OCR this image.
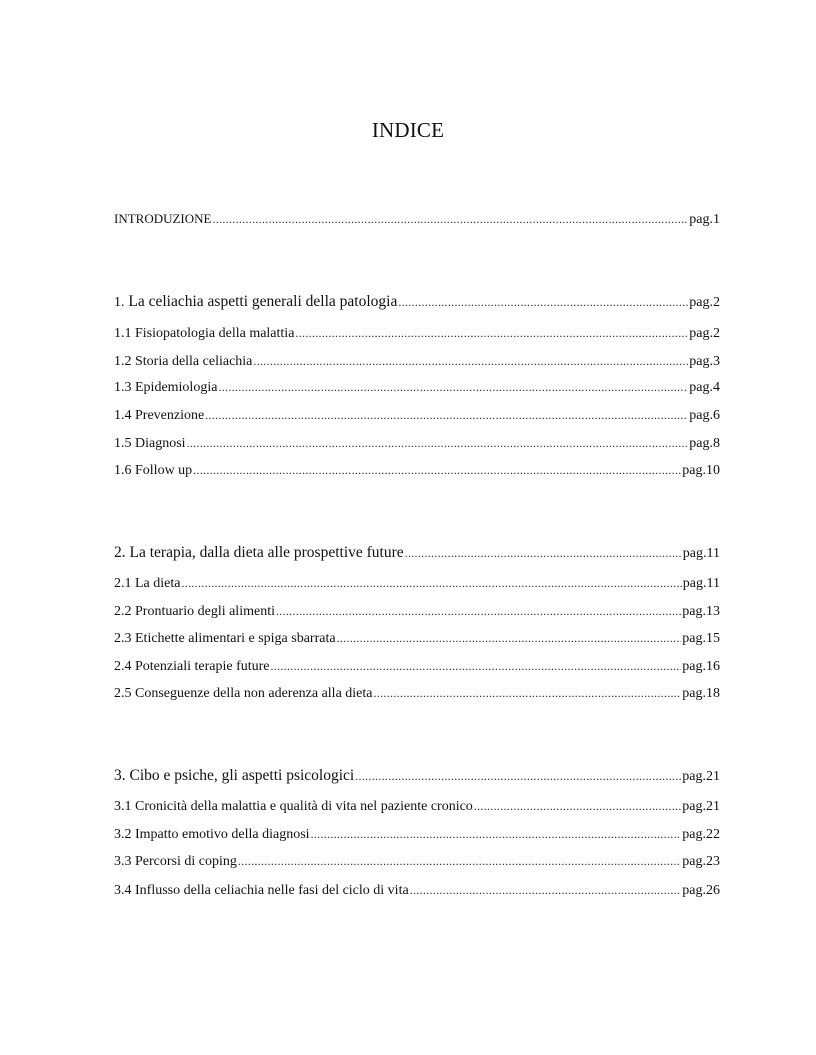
INDICE
INTRODUZIONE .....	pag.1
1. La celiachia aspetti generali della patologia .....	pag.2
1.1 Fisiopatologia della malattia .....	pag.2
1.2 Storia della celiachia .....	pag.3
1.3 Epidemiologia .....	pag.4
1.4 Prevenzione .....	pag.6
1.5 Diagnosi .....	pag.8
1.6 Follow up .....	pag.10
2. La terapia, dalla dieta alle prospettive future .....	pag.11
2.1 La dieta .....	pag.11
2.2 Prontuario degli alimenti .....	pag.13
2.3 Etichette alimentari e spiga sbarrata .....	pag.15
2.4 Potenziali terapie future .....	pag.16
2.5 Conseguenze della non aderenza alla dieta .....	pag.18
3. Cibo e psiche, gli aspetti psicologici .....	pag.21
3.1 Cronicità della malattia e qualità di vita nel paziente cronico .....	pag.21
3.2 Impatto emotivo della diagnosi .....	pag.22
3.3 Percorsi di coping .....	pag.23
3.4 Influsso della celiachia nelle fasi del ciclo di vita .....	pag.26
